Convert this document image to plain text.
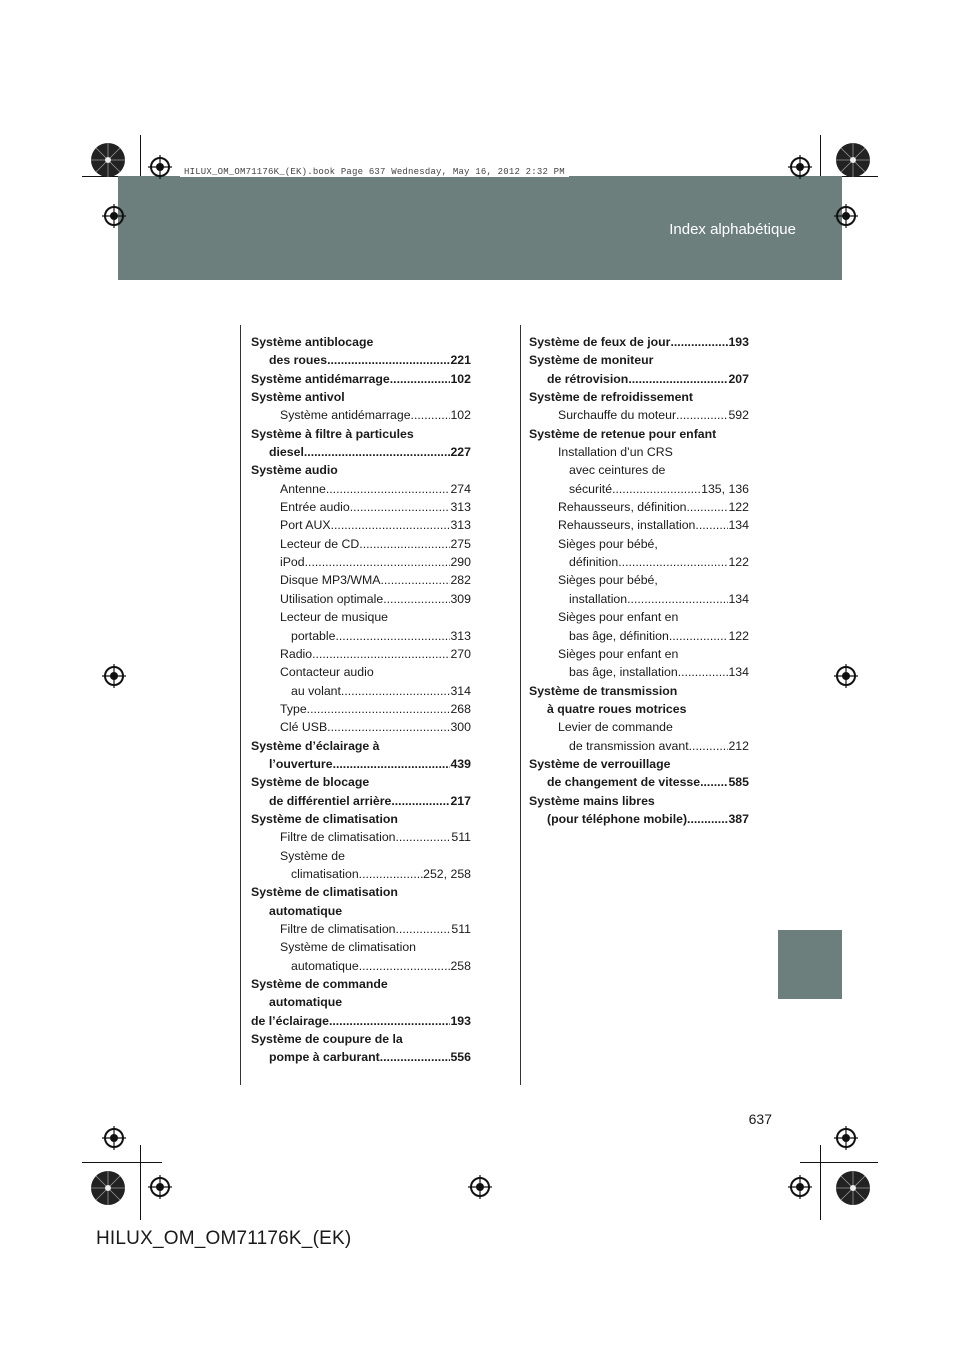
Index alphabétique
HILUX_OM_OM71176K_(EK).book Page 637 Wednesday, May 16, 2012 2:32 PM
Système antiblocage
des roues .....	221
Système antidémarrage .....	102
Système antivol
Système antidémarrage .....	102
Système à filtre à particules
diesel .....	227
Système audio
Antenne .....	274
Entrée audio .....	313
Port AUX .....	313
Lecteur de CD .....	275
iPod .....	290
Disque MP3/WMA .....	282
Utilisation optimale .....	309
Lecteur de musique
portable .....	313
Radio .....	270
Contacteur audio
au volant .....	314
Type .....	268
Clé USB .....	300
Système d’éclairage à
l’ouverture .....	439
Système de blocage
de différentiel arrière .....	217
Système de climatisation
Filtre de climatisation .....	511
Système de
climatisation .....	252, 258
Système de climatisation
automatique
Filtre de climatisation .....	511
Système de climatisation
automatique .....	258
Système de commande
automatique
de l’éclairage .....	193
Système de coupure de la
pompe à carburant .....	556
Système de feux de jour .....	193
Système de moniteur
de rétrovision .....	207
Système de refroidissement
Surchauffe du moteur .....	592
Système de retenue pour enfant
Installation d’un CRS
avec ceintures de
sécurité .....	135, 136
Rehausseurs, définition .....	122
Rehausseurs, installation .....	134
Sièges pour bébé,
définition .....	122
Sièges pour bébé,
installation .....	134
Sièges pour enfant en
bas âge, définition .....	122
Sièges pour enfant en
bas âge, installation .....	134
Système de transmission
à quatre roues motrices
Levier de commande
de transmission avant .....	212
Système de verrouillage
de changement de vitesse ..... 585
Système mains libres
(pour téléphone mobile) .....	387
637
HILUX_OM_OM71176K_(EK)
